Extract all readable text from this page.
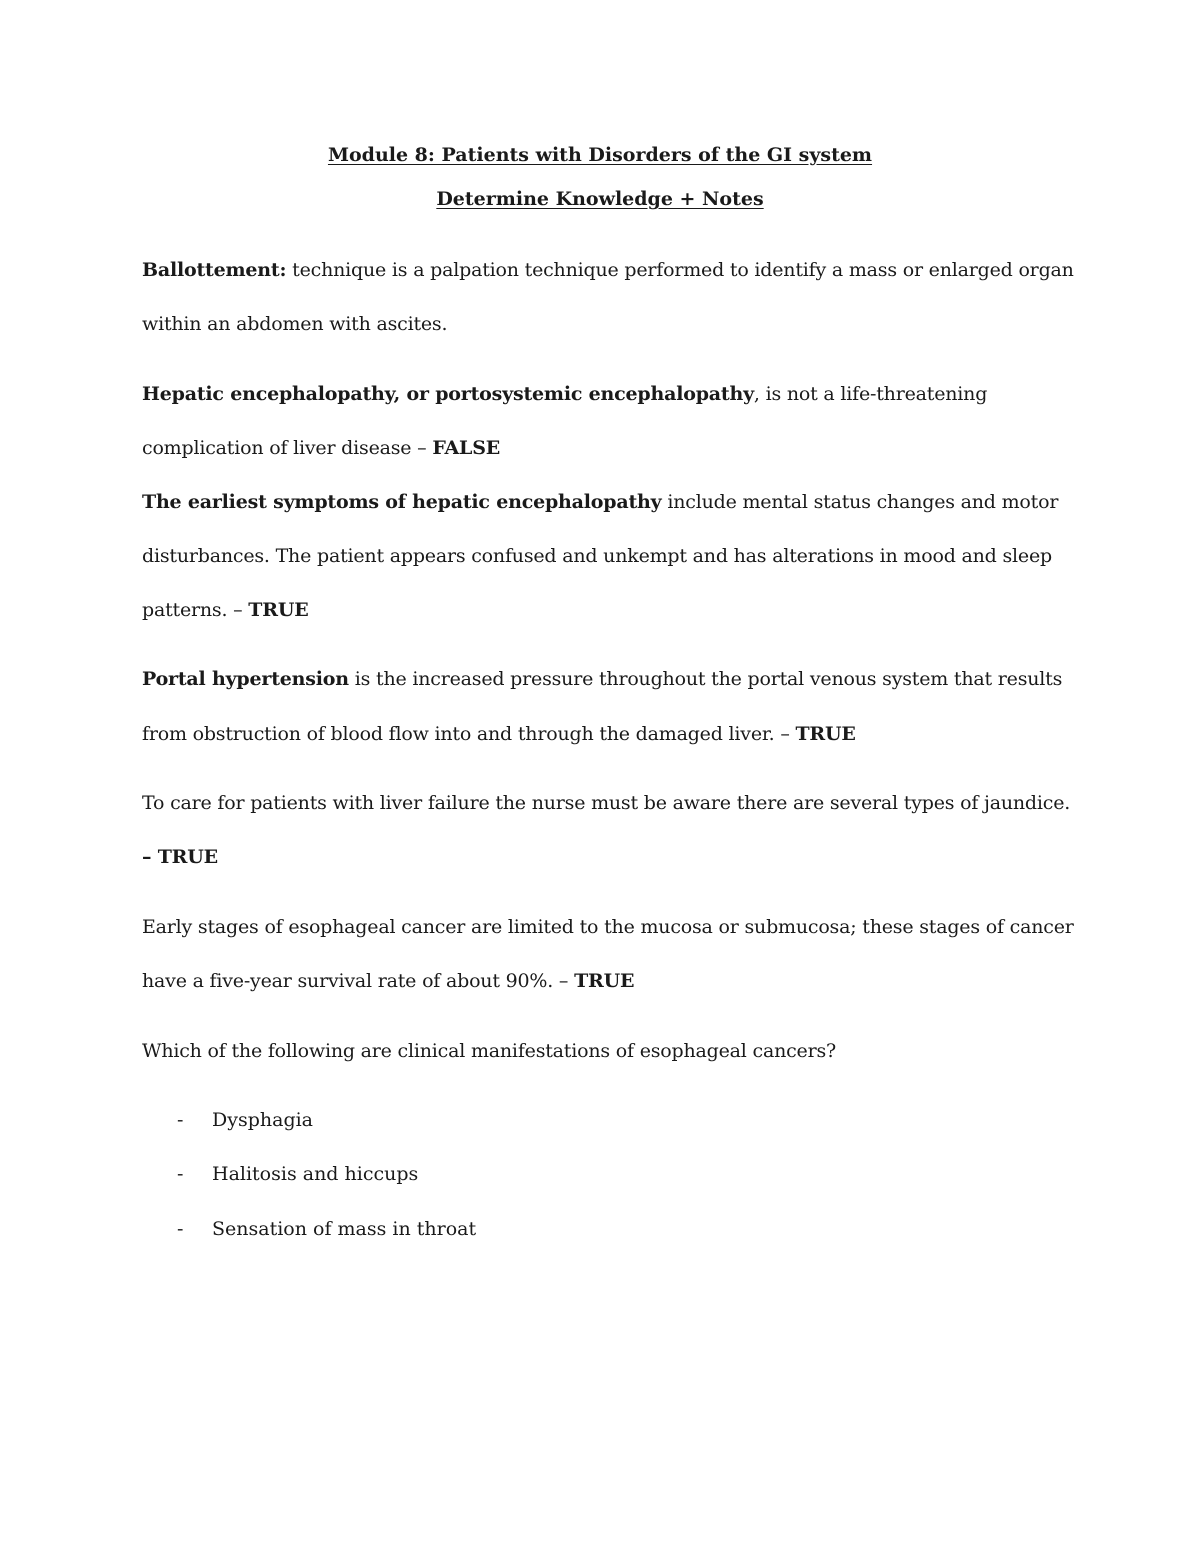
Module 8: Patients with Disorders of the GI system
Determine Knowledge + Notes
Ballottement: technique is a palpation technique performed to identify a mass or enlarged organ
within an abdomen with ascites.
Hepatic encephalopathy, or portosystemic encephalopathy, is not a life-threatening
complication of liver disease – FALSE
The earliest symptoms of hepatic encephalopathy include mental status changes and motor
disturbances. The patient appears confused and unkempt and has alterations in mood and sleep
patterns. – TRUE
Portal hypertension is the increased pressure throughout the portal venous system that results
from obstruction of blood flow into and through the damaged liver. – TRUE
To care for patients with liver failure the nurse must be aware there are several types of jaundice.
– TRUE
Early stages of esophageal cancer are limited to the mucosa or submucosa; these stages of cancer
have a five-year survival rate of about 90%. – TRUE
Which of the following are clinical manifestations of esophageal cancers?
- Dysphagia
- Halitosis and hiccups
- Sensation of mass in throat
